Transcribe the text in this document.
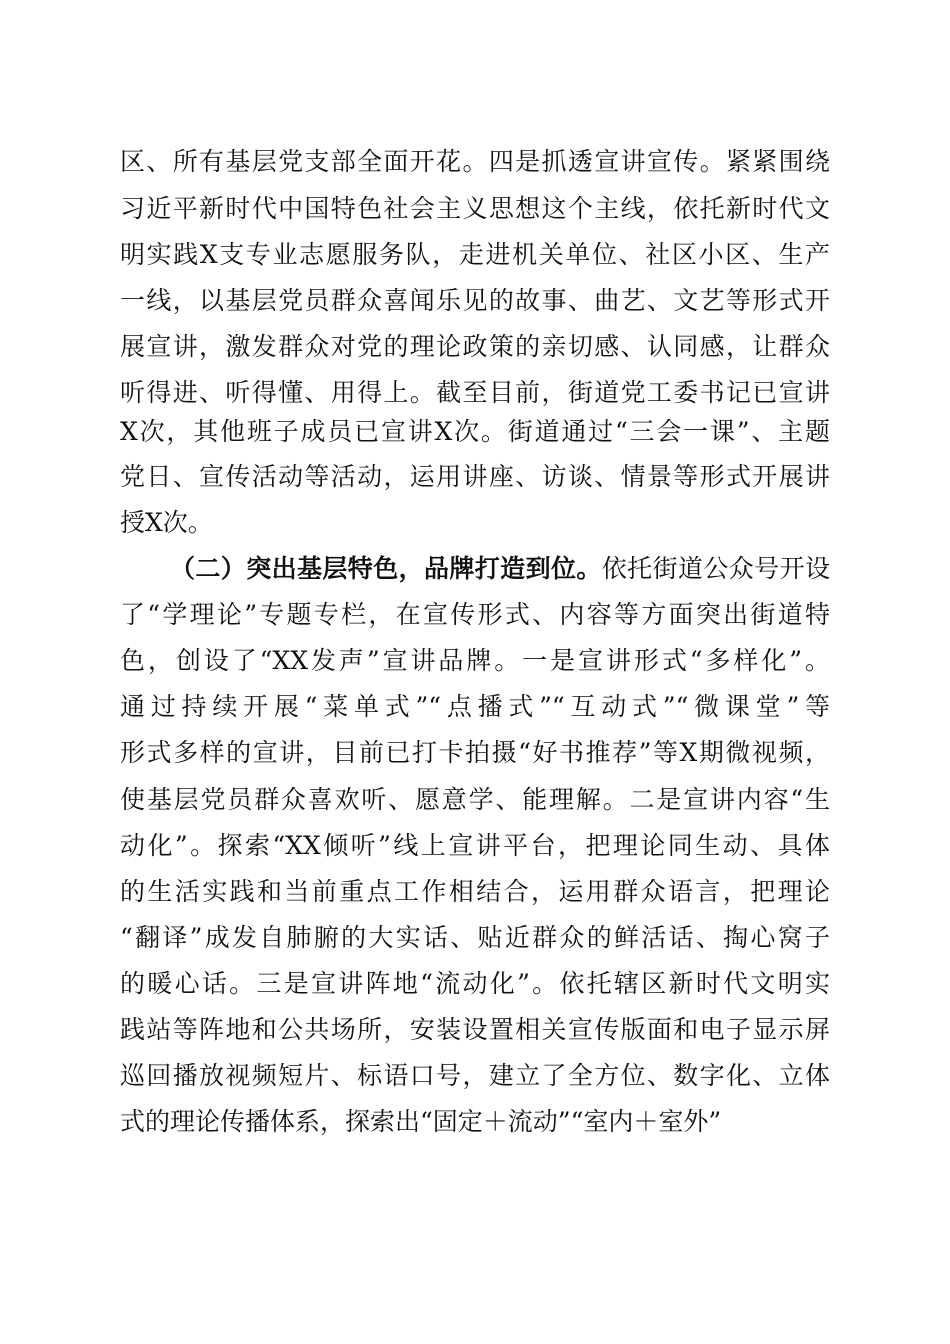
区、所有基层党支部全面开花。四是抓透宣讲宣传。紧紧围绕
习近平新时代中国特色社会主义思想这个主线，依托新时代文
明实践X支专业志愿服务队，走进机关单位、社区小区、生产
一线，以基层党员群众喜闻乐见的故事、曲艺、文艺等形式开
展宣讲，激发群众对党的理论政策的亲切感、认同感，让群众
听得进、听得懂、用得上。截至目前，街道党工委书记已宣讲
X次，其他班子成员已宣讲X次。街道通过“三会一课”、主题
党日、宣传活动等活动，运用讲座、访谈、情景等形式开展讲
授X次。
（二）突出基层特色，品牌打造到位。依托街道公众号开设
了“学理论”专题专栏，在宣传形式、内容等方面突出街道特
色，创设了“XX发声”宣讲品牌。一是宣讲形式“多样化”。
通过持续开展“菜单式”“点播式”“互动式”“微课堂”等
形式多样的宣讲，目前已打卡拍摄“好书推荐”等X期微视频，
使基层党员群众喜欢听、愿意学、能理解。二是宣讲内容“生
动化”。探索“XX倾听”线上宣讲平台，把理论同生动、具体
的生活实践和当前重点工作相结合，运用群众语言，把理论
“翻译”成发自肺腑的大实话、贴近群众的鲜活话、掏心窝子
的暖心话。三是宣讲阵地“流动化”。依托辖区新时代文明实
践站等阵地和公共场所，安装设置相关宣传版面和电子显示屏
巡回播放视频短片、标语口号，建立了全方位、数字化、立体
式的理论传播体系，探索出“固定＋流动”“室内＋室外”
